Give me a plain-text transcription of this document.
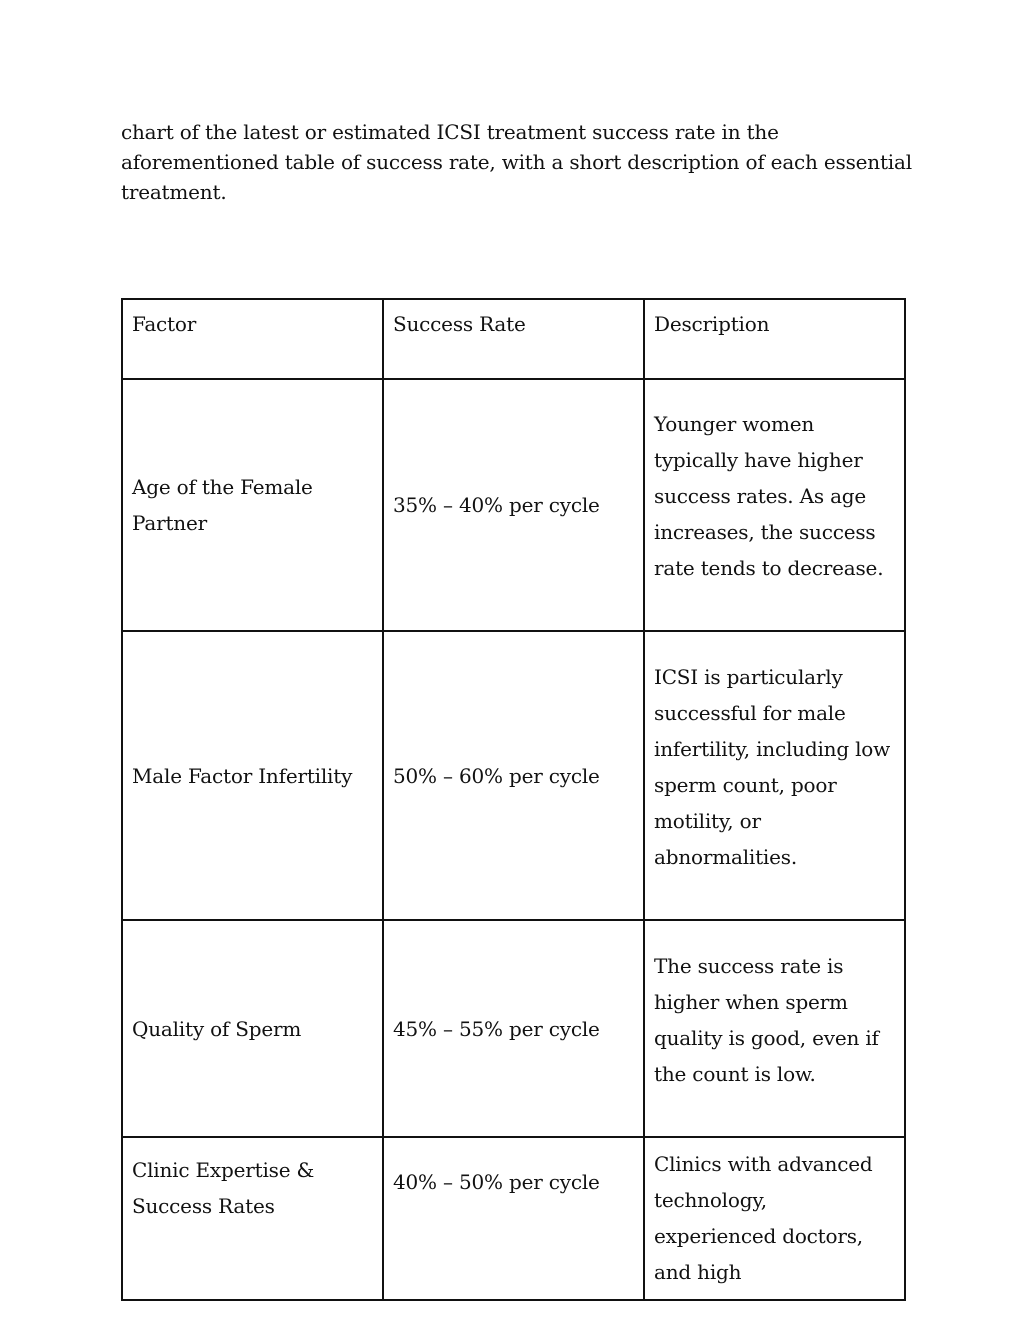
chart of the latest or estimated ICSI treatment success rate in the aforementioned table of success rate, with a short description of each essential treatment.

Factor	Success Rate	Description
Age of the Female Partner	35% – 40% per cycle	Younger women typically have higher success rates. As age increases, the success rate tends to decrease.
Male Factor Infertility	50% – 60% per cycle	ICSI is particularly successful for male infertility, including low sperm count, poor motility, or abnormalities.
Quality of Sperm	45% – 55% per cycle	The success rate is higher when sperm quality is good, even if the count is low.
Clinic Expertise & Success Rates	40% – 50% per cycle	Clinics with advanced technology, experienced doctors, and high
